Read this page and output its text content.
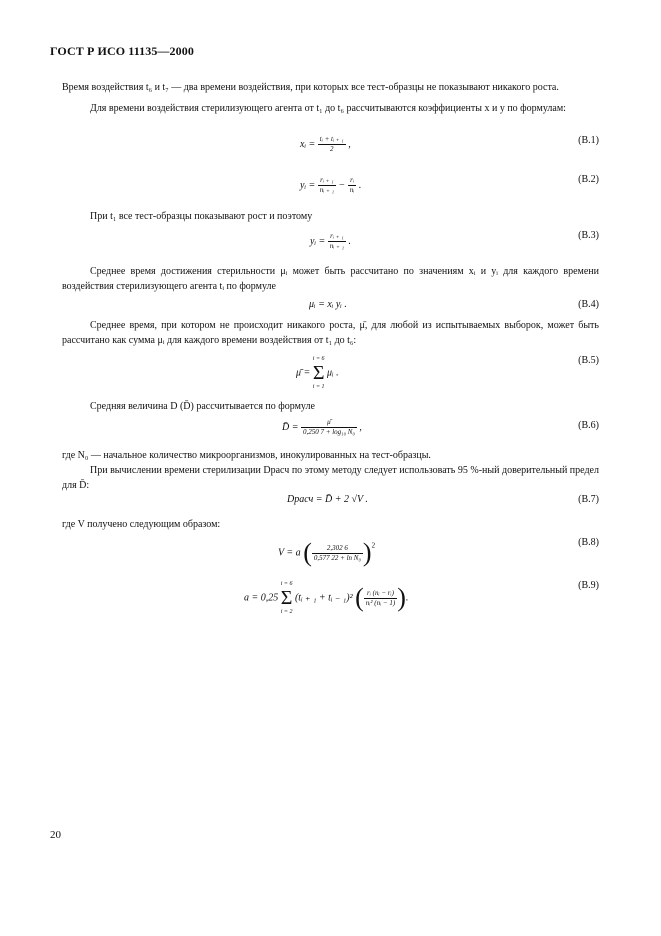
ГОСТ Р ИСО 11135—2000
Время воздействия t₆ и t₇ — два времени воздействия, при которых все тест-образцы не показывают никакого роста.
Для времени воздействия стерилизующего агента от t₁ до t₆ рассчитываются коэффициенты x и y по формулам:
xᵢ = $\frac{\text{tᵢ + tᵢ ₊ ₁}}{2}$ ,	(В.1)
yᵢ = $\frac{\text{rᵢ ₊ ₁}}{\text{nᵢ ₊ ₁}} - \frac{\text{rᵢ}}{\text{nᵢ}}$ .
(В.2)
При t₁ все тест-образцы показывают рост и поэтому
yᵢ = $\frac{\text{rᵢ ₊ ₁}}{\text{nᵢ ₊ ₁}}$ .
(В.3)
Среднее время достижения стерильности μᵢ может быть рассчитано по значениям xᵢ и yᵢ для каждого времени воздействия стерилизующего агента tᵢ по формуле
μᵢ = xᵢ yᵢ .	(В.4)
Среднее время, при котором не происходит никакого роста, μ̄, для любой из испытываемых выборок, может быть рассчитано как сумма μᵢ для каждого времени воздействия от t₁ до t₆:
μ̄ =
i = 6
Σ
i = 1
μᵢ .
(В.5)
Средняя величина D (D̄) рассчитывается по формуле
D̄ = $\frac{\mū}{\text{0,250 7 + log₁₀ N₀}}$ ,	(В.6)
где N₀ — начальное количество микроорганизмов, инокулированных на тест-образцы.
При вычислении времени стерилизации Dрасч по этому методу следует использовать 95 %-ный доверительный предел для D̄:
Dрасч = D̄ + 2 √V .	(В.7)
где V получено следующим образом:
V = a ( $\frac{2,302 6}{\text{0,577 22 + ln N₀}} )^2$	(В.8)
a = 0,25
i = 6
Σ
i = 2
(tᵢ ₊ ₁ + tᵢ ₋ ₁)² ( $\frac{\text{rᵢ (nᵢ − rᵢ)}}{\text{nᵢ² (nᵢ − 1)}}$ ).
(В.9)
20
